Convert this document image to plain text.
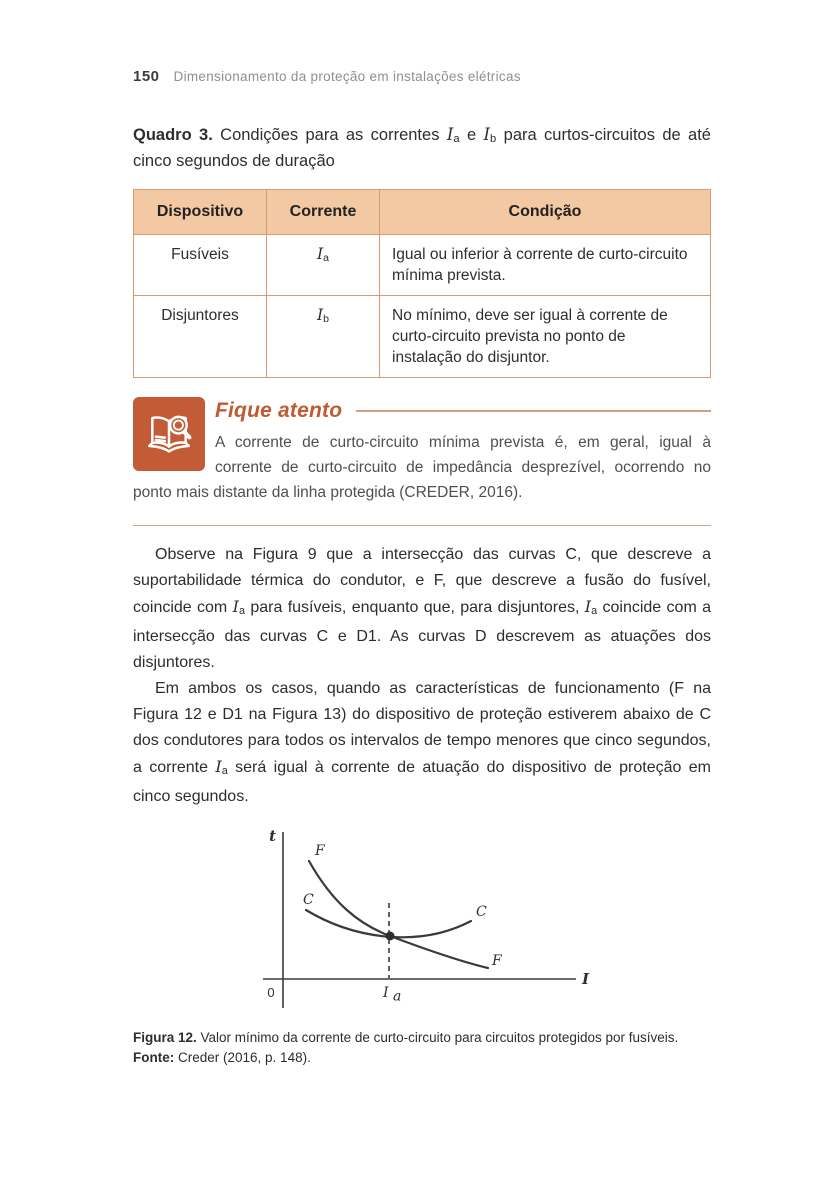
150 Dimensionamento da proteção em instalações elétricas

Quadro 3. Condições para as correntes Ia e Ib para curtos-circuitos de até cinco segundos de duração

Dispositivo	Corrente	Condição
Fusíveis	Ia	Igual ou inferior à corrente de curto-circuito mínima prevista.
Disjuntores	Ib	No mínimo, deve ser igual à corrente de curto-circuito prevista no ponto de instalação do disjuntor.
Fique atento

A corrente de curto-circuito mínima prevista é, em geral, igual à corrente de curto-circuito de impedância desprezível, ocorrendo no ponto mais distante da linha protegida (CREDER, 2016).

Observe na Figura 9 que a intersecção das curvas C, que descreve a suportabilidade térmica do condutor, e F, que descreve a fusão do fusível, coincide com Ia para fusíveis, enquanto que, para disjuntores, Ia coincide com a intersecção das curvas C e D1. As curvas D descrevem as atuações dos disjuntores.

Em ambos os casos, quando as características de funcionamento (F na Figura 12 e D1 na Figura 13) do dispositivo de proteção estiverem abaixo de C dos condutores para todos os intervalos de tempo menores que cinco segundos, a corrente Ia será igual à corrente de atuação do dispositivo de proteção em cinco segundos.

t
I
0
F
F
C
C
I a

Figura 12. Valor mínimo da corrente de curto-circuito para circuitos protegidos por fusíveis.

Fonte: Creder (2016, p. 148).
